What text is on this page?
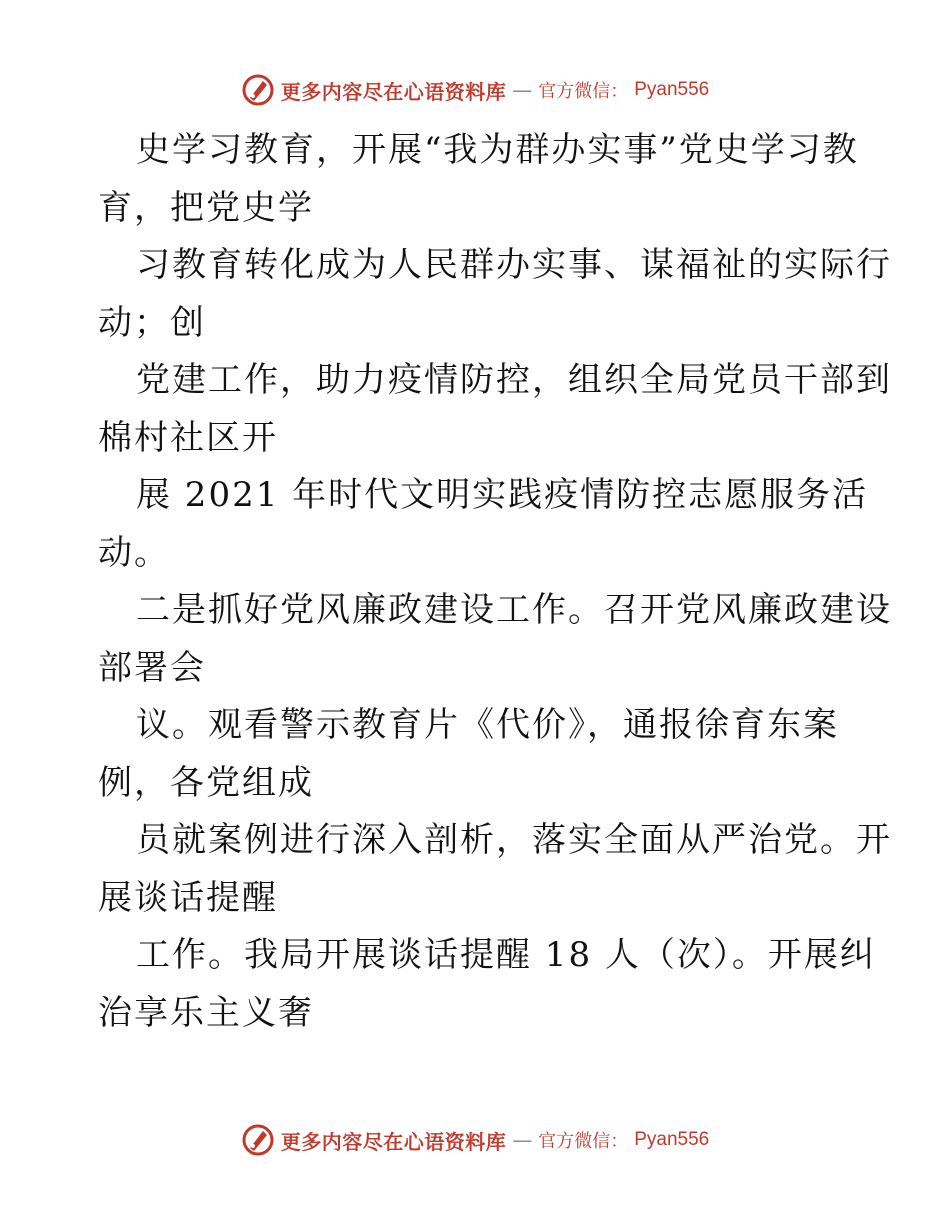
更多内容尽在心语资料库 — 官方微信： Pyan556
史学习教育，开展“我为群办实事”党史学习教
育，把党史学
习教育转化成为人民群办实事、谋福祉的实际行
动；创
党建工作，助力疫情防控，组织全局党员干部到
棉村社区开
展 2021 年时代文明实践疫情防控志愿服务活
动。
二是抓好党风廉政建设工作。召开党风廉政建设
部署会
议。观看警示教育片《代价》，通报徐育东案
例，各党组成
员就案例进行深入剖析，落实全面从严治党。开
展谈话提醒
工作。我局开展谈话提醒 18 人（次）。开展纠
治享乐主义奢
更多内容尽在心语资料库 — 官方微信： Pyan556
